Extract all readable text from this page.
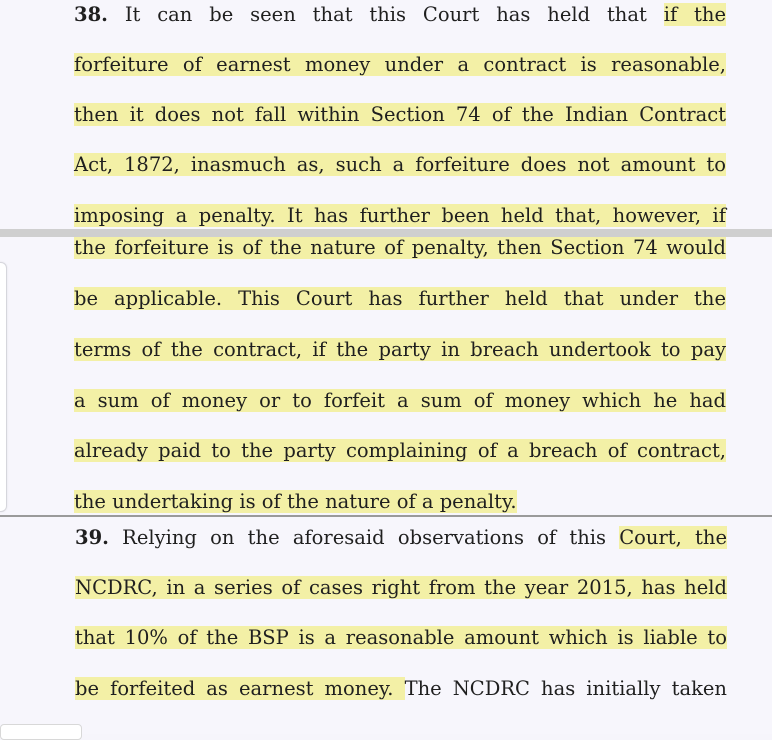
38. It can be seen that this Court has held that if the
forfeiture of earnest money under a contract is reasonable,
then it does not fall within Section 74 of the Indian Contract
Act, 1872, inasmuch as, such a forfeiture does not amount to
imposing a penalty. It has further been held that, however, if
the forfeiture is of the nature of penalty, then Section 74 would
be applicable. This Court has further held that under the
terms of the contract, if the party in breach undertook to pay
a sum of money or to forfeit a sum of money which he had
already paid to the party complaining of a breach of contract,
the undertaking is of the nature of a penalty.
39. Relying on the aforesaid observations of this Court, the
NCDRC, in a series of cases right from the year 2015, has held
that 10% of the BSP is a reasonable amount which is liable to
be forfeited as earnest money. The NCDRC has initially taken
